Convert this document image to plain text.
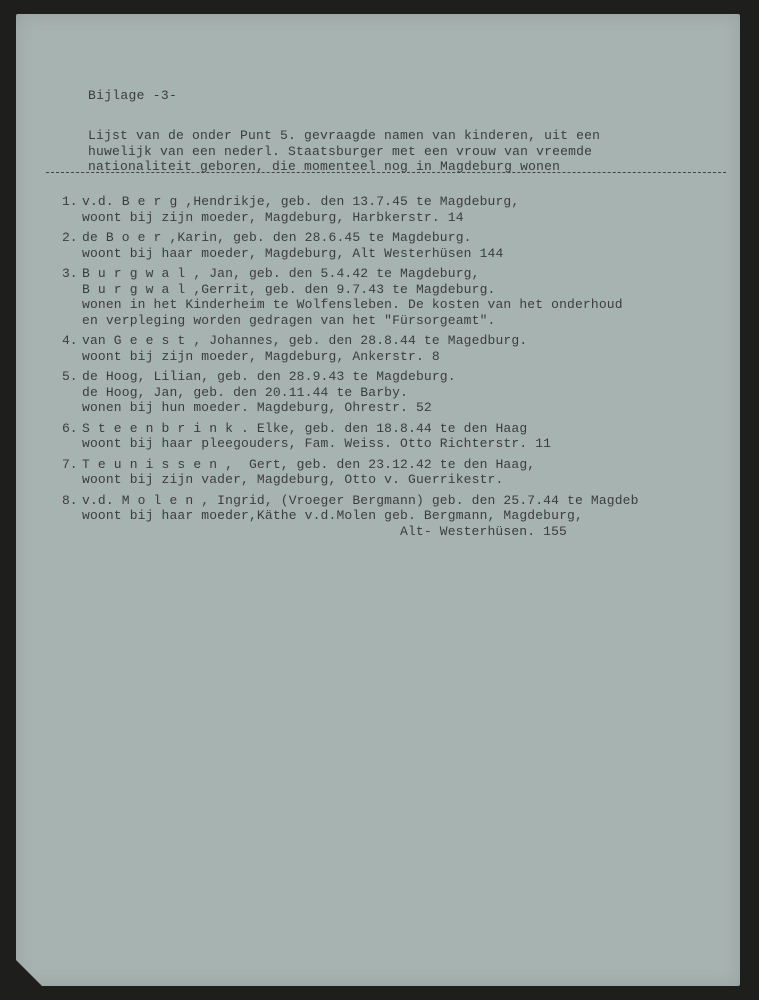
Bijlage -3-
Lijst van de onder Punt 5. gevraagde namen van kinderen, uit een
huwelijk van een nederl. Staatsburger met een vrouw van vreemde
nationaliteit geboren, die momenteel nog in Magdeburg wonen
1. v.d. B e r g ,Hendrikje, geb. den 13.7.45 te Magdeburg,
woont bij zijn moeder, Magdeburg, Harbkerstr. 14
2. de B o e r ,Karin, geb. den 28.6.45 te Magdeburg.
woont bij haar moeder, Magdeburg, Alt Westerhüsen 144
3. B u r g w a l , Jan, geb. den 5.4.42 te Magdeburg,
B u r g w a l ,Gerrit, geb. den 9.7.43 te Magdeburg.
wonen in het Kinderheim te Wolfensleben. De kosten van het onderhoud
en verpleging worden gedragen van het "Fürsorgeamt".
4. van G e e s t , Johannes, geb. den 28.8.44 te Magedburg.
woont bij zijn moeder, Magdeburg, Ankerstr. 8
5. de Hoog, Lilian, geb. den 28.9.43 te Magdeburg.
de Hoog, Jan, geb. den 20.11.44 te Barby.
wonen bij hun moeder. Magdeburg, Ohrestr. 52
6. S t e e n b r i n k . Elke, geb. den 18.8.44 te den Haag
woont bij haar pleegouders, Fam. Weiss. Otto Richterstr. 11
7. T e u n i s s e n ,  Gert, geb. den 23.12.42 te den Haag,
woont bij zijn vader, Magdeburg, Otto v. Guerrikestr.
8. v.d. M o l e n , Ingrid, (Vroeger Bergmann) geb. den 25.7.44 te Magdeb
woont bij haar moeder,Käthe v.d.Molen geb. Bergmann, Magdeburg,
Alt- Westerhüsen. 155
